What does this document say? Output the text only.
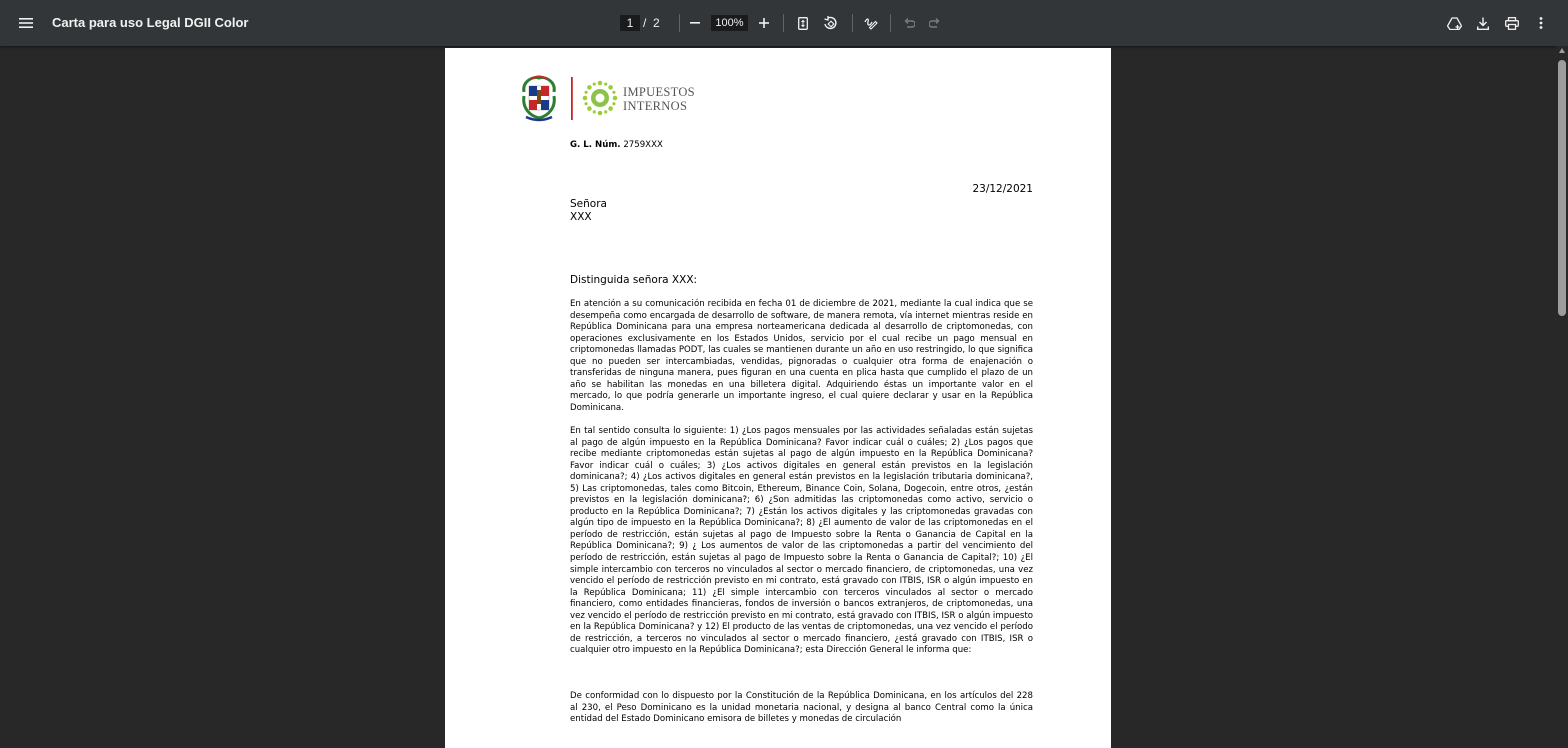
Carta para uso Legal DGII Color	1 / 2	100%
IMPUESTOS
INTERNOS
G. L. Núm. 2759XXX
23/12/2021
Señora
XXX
Distinguida señora XXX:
En atención a su comunicación recibida en fecha 01 de diciembre de 2021, mediante la cual indica que se desempeña como encargada de desarrollo de software, de manera remota, vía internet mientras reside en República Dominicana para una empresa norteamericana dedicada al desarrollo de criptomonedas, con operaciones exclusivamente en los Estados Unidos, servicio por el cual recibe un pago mensual en criptomonedas llamadas PODT, las cuales se mantienen durante un año en uso restringido, lo que significa que no pueden ser intercambiadas, vendidas, pignoradas o cualquier otra forma de enajenación o transferidas de ninguna manera, pues figuran en una cuenta en plica hasta que cumplido el plazo de un año se habilitan las monedas en una billetera digital. Adquiriendo éstas un importante valor en el mercado, lo que podría generarle un importante ingreso, el cual quiere declarar y usar en la República Dominicana.
En tal sentido consulta lo siguiente: 1) ¿Los pagos mensuales por las actividades señaladas están sujetas al pago de algún impuesto en la República Dominicana? Favor indicar cuál o cuáles; 2) ¿Los pagos que recibe mediante criptomonedas están sujetas al pago de algún impuesto en la República Dominicana? Favor indicar cuál o cuáles; 3) ¿Los activos digitales en general están previstos en la legislación dominicana?; 4) ¿Los activos digitales en general están previstos en la legislación tributaria dominicana?, 5) Las criptomonedas, tales como Bitcoin, Ethereum, Binance Coin, Solana, Dogecoin, entre otros, ¿están previstos en la legislación dominicana?; 6) ¿Son admitidas las criptomonedas como activo, servicio o producto en la República Dominicana?; 7) ¿Están los activos digitales y las criptomonedas gravadas con algún tipo de impuesto en la República Dominicana?; 8) ¿El aumento de valor de las criptomonedas en el período de restricción, están sujetas al pago de Impuesto sobre la Renta o Ganancia de Capital en la República Dominicana?; 9) ¿ Los aumentos de valor de las criptomonedas a partir del vencimiento del período de restricción, están sujetas al pago de Impuesto sobre la Renta o Ganancia de Capital?; 10) ¿El simple intercambio con terceros no vinculados al sector o mercado financiero, de criptomonedas, una vez vencido el período de restricción previsto en mi contrato, está gravado con ITBIS, ISR o algún impuesto en la República Dominicana; 11) ¿El simple intercambio con terceros vinculados al sector o mercado financiero, como entidades financieras, fondos de inversión o bancos extranjeros, de criptomonedas, una vez vencido el período de restricción previsto en mi contrato, está gravado con ITBIS, ISR o algún impuesto en la República Dominicana? y 12) El producto de las ventas de criptomonedas, una vez vencido el período de restricción, a terceros no vinculados al sector o mercado financiero, ¿está gravado con ITBIS, ISR o cualquier otro impuesto en la República Dominicana?; esta Dirección General le informa que:
De conformidad con lo dispuesto por la Constitución de la República Dominicana, en los artículos del 228 al 230, el Peso Dominicano es la unidad monetaria nacional, y designa al banco Central como la única entidad del Estado Dominicano emisora de billetes y monedas de circulación
